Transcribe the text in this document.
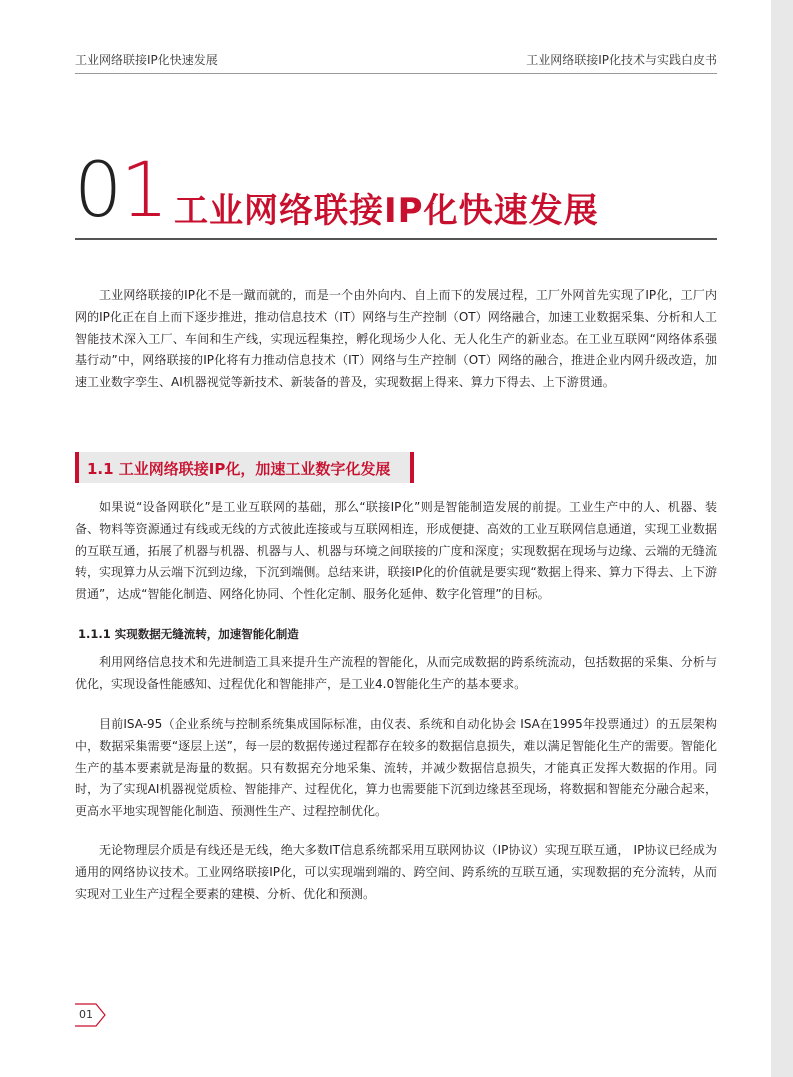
工业网络联接IP化快速发展	工业网络联接IP化技术与实践白皮书
01 工业网络联接IP化快速发展

工业网络联接的IP化不是一蹴而就的，而是一个由外向内、自上而下的发展过程，工厂外网首先实现了IP化，工厂内网的IP化正在自上而下逐步推进，推动信息技术（IT）网络与生产控制（OT）网络融合，加速工业数据采集、分析和人工智能技术深入工厂、车间和生产线，实现远程集控，孵化现场少人化、无人化生产的新业态。在工业互联网“网络体系强基行动”中，网络联接的IP化将有力推动信息技术（IT）网络与生产控制（OT）网络的融合，推进企业内网升级改造，加速工业数字孪生、AI机器视觉等新技术、新装备的普及，实现数据上得来、算力下得去、上下游贯通。

1.1 工业网络联接IP化，加速工业数字化发展

如果说“设备网联化”是工业互联网的基础，那么“联接IP化”则是智能制造发展的前提。工业生产中的人、机器、装备、物料等资源通过有线或无线的方式彼此连接或与互联网相连，形成便捷、高效的工业互联网信息通道，实现工业数据的互联互通，拓展了机器与机器、机器与人、机器与环境之间联接的广度和深度；实现数据在现场与边缘、云端的无缝流转，实现算力从云端下沉到边缘，下沉到端侧。总结来讲，联接IP化的价值就是要实现“数据上得来、算力下得去、上下游贯通”，达成“智能化制造、网络化协同、个性化定制、服务化延伸、数字化管理”的目标。

1.1.1 实现数据无缝流转，加速智能化制造

利用网络信息技术和先进制造工具来提升生产流程的智能化，从而完成数据的跨系统流动，包括数据的采集、分析与优化，实现设备性能感知、过程优化和智能排产，是工业4.0智能化生产的基本要求。

目前ISA-95（企业系统与控制系统集成国际标准，由仪表、系统和自动化协会 ISA在1995年投票通过）的五层架构中，数据采集需要“逐层上送”，每一层的数据传递过程都存在较多的数据信息损失，难以满足智能化生产的需要。智能化生产的基本要素就是海量的数据。只有数据充分地采集、流转，并减少数据信息损失，才能真正发挥大数据的作用。同时，为了实现AI机器视觉质检、智能排产、过程优化，算力也需要能下沉到边缘甚至现场，将数据和智能充分融合起来，更高水平地实现智能化制造、预测性生产、过程控制优化。

无论物理层介质是有线还是无线，绝大多数IT信息系统都采用互联网协议（IP协议）实现互联互通， IP协议已经成为通用的网络协议技术。工业网络联接IP化，可以实现端到端的、跨空间、跨系统的互联互通，实现数据的充分流转，从而实现对工业生产过程全要素的建模、分析、优化和预测。

01
